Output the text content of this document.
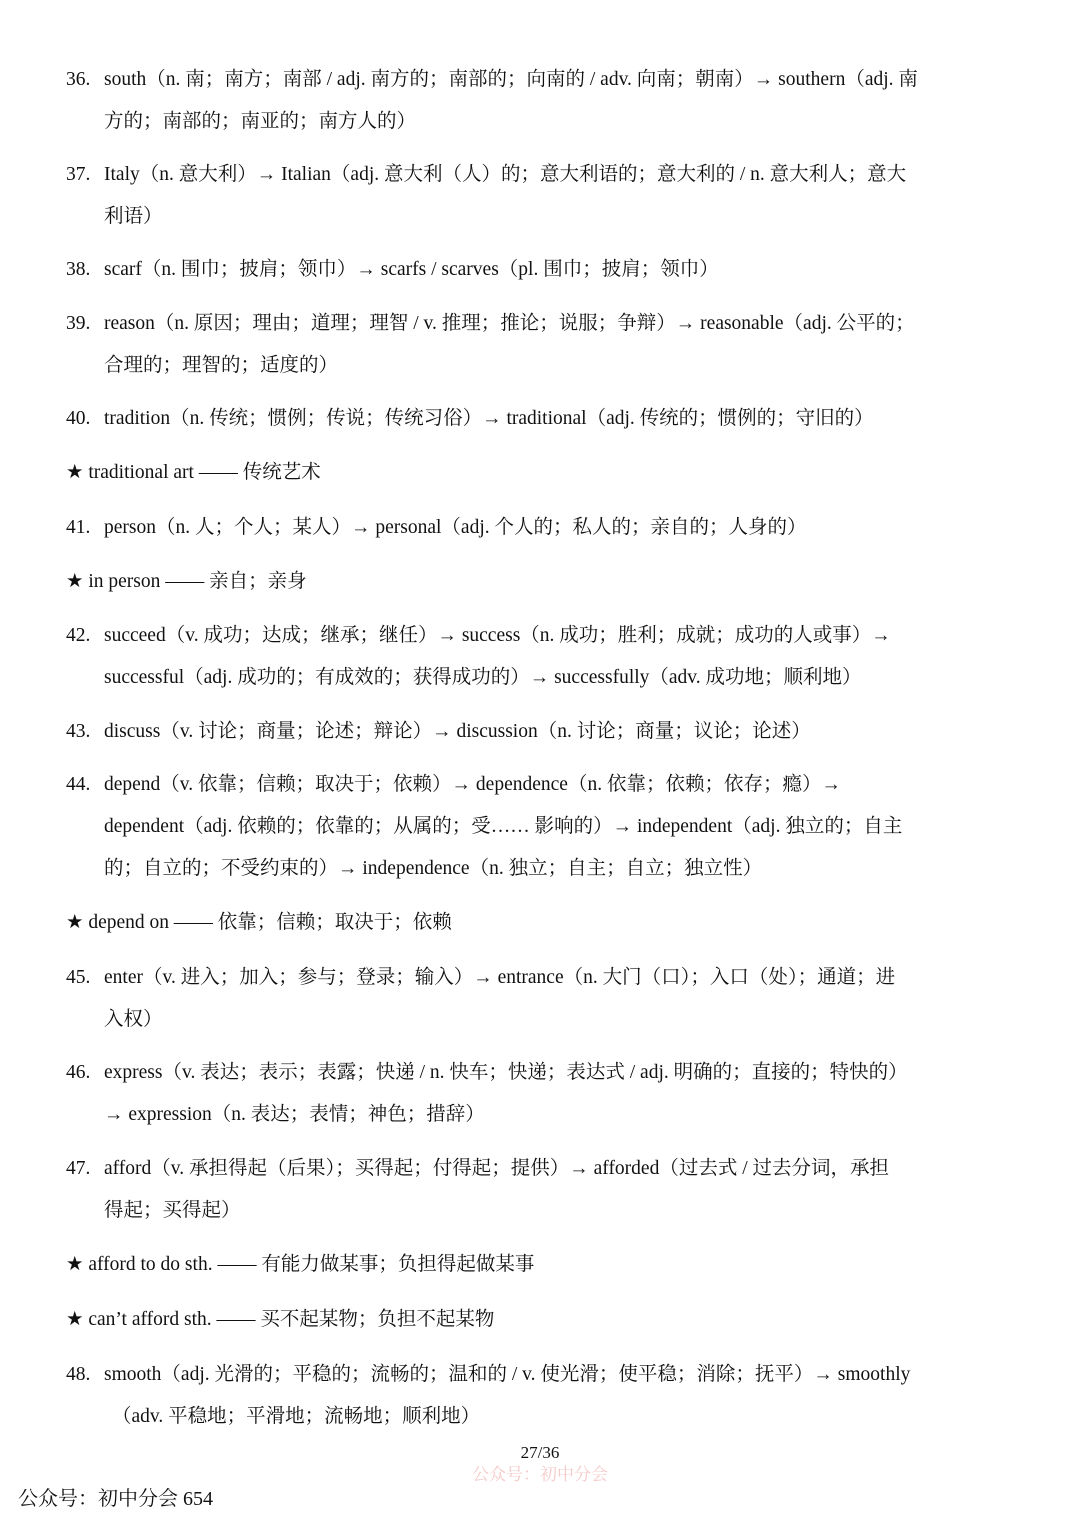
36. south（n. 南；南方；南部 / adj. 南方的；南部的；向南的 / adv. 向南；朝南）→ southern（adj. 南
方的；南部的；南亚的；南方人的）
37. Italy（n. 意大利）→ Italian（adj. 意大利（人）的；意大利语的；意大利的 / n. 意大利人；意大
利语）
38. scarf（n. 围巾；披肩；领巾）→ scarfs / scarves（pl. 围巾；披肩；领巾）
39. reason（n. 原因；理由；道理；理智 / v. 推理；推论；说服；争辩）→ reasonable（adj. 公平的；
合理的；理智的；适度的）
40. tradition（n. 传统；惯例；传说；传统习俗）→ traditional（adj. 传统的；惯例的；守旧的）
★ traditional art —— 传统艺术
41. person（n. 人；个人；某人）→ personal（adj. 个人的；私人的；亲自的；人身的）
★ in person —— 亲自；亲身
42. succeed（v. 成功；达成；继承；继任）→ success（n. 成功；胜利；成就；成功的人或事）→
successful（adj. 成功的；有成效的；获得成功的）→ successfully（adv. 成功地；顺利地）
43. discuss（v. 讨论；商量；论述；辩论）→ discussion（n. 讨论；商量；议论；论述）
44. depend（v. 依靠；信赖；取决于；依赖）→ dependence（n. 依靠；依赖；依存；瘾）→
dependent（adj. 依赖的；依靠的；从属的；受…… 影响的）→ independent（adj. 独立的；自主
的；自立的；不受约束的）→ independence（n. 独立；自主；自立；独立性）
★ depend on —— 依靠；信赖；取决于；依赖
45. enter（v. 进入；加入；参与；登录；输入）→ entrance（n. 大门（口）；入口（处）；通道；进
入权）
46. express（v. 表达；表示；表露；快递 / n. 快车；快递；表达式 / adj. 明确的；直接的；特快的）
→ expression（n. 表达；表情；神色；措辞）
47. afford（v. 承担得起（后果）；买得起；付得起；提供）→ afforded（过去式 / 过去分词，承担
得起；买得起）
★ afford to do sth. —— 有能力做某事；负担得起做某事
★ can’t afford sth. —— 买不起某物；负担不起某物
48. smooth（adj. 光滑的；平稳的；流畅的；温和的 / v. 使光滑；使平稳；消除；抚平）→ smoothly
（adv. 平稳地；平滑地；流畅地；顺利地）
27/36
公众号：初中分会
公众号：初中分会 654
